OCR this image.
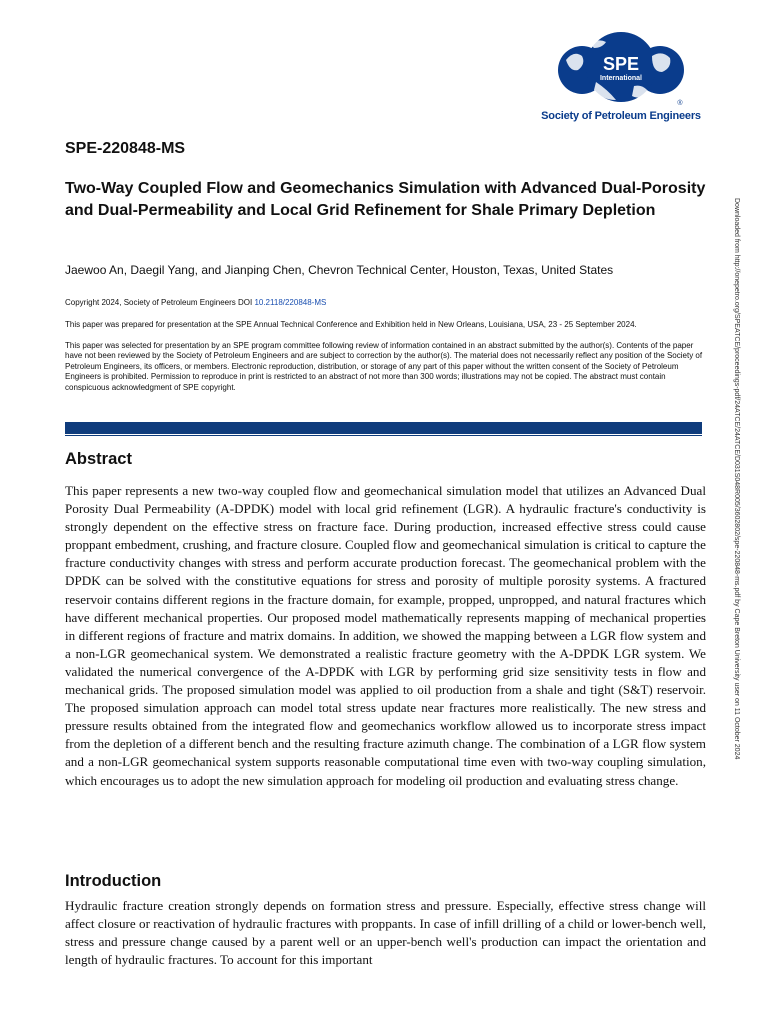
SPE
International
®
Society of Petroleum Engineers
SPE-220848-MS
Two-Way Coupled Flow and Geomechanics Simulation with Advanced Dual-Porosity and Dual-Permeability and Local Grid Refinement for Shale Primary Depletion
Jaewoo An, Daegil Yang, and Jianping Chen, Chevron Technical Center, Houston, Texas, United States
Copyright 2024, Society of Petroleum Engineers DOI 10.2118/220848-MS
This paper was prepared for presentation at the SPE Annual Technical Conference and Exhibition held in New Orleans, Louisiana, USA, 23 - 25 September 2024.
This paper was selected for presentation by an SPE program committee following review of information contained in an abstract submitted by the author(s). Contents of the paper have not been reviewed by the Society of Petroleum Engineers and are subject to correction by the author(s). The material does not necessarily reflect any position of the Society of Petroleum Engineers, its officers, or members. Electronic reproduction, distribution, or storage of any part of this paper without the written consent of the Society of Petroleum Engineers is prohibited. Permission to reproduce in print is restricted to an abstract of not more than 300 words; illustrations may not be copied. The abstract must contain conspicuous acknowledgment of SPE copyright.
Abstract

This paper represents a new two-way coupled flow and geomechanical simulation model that utilizes an Advanced Dual Porosity Dual Permeability (A-DPDK) model with local grid refinement (LGR). A hydraulic fracture's conductivity is strongly dependent on the effective stress on fracture face. During production, increased effective stress could cause proppant embedment, crushing, and fracture closure. Coupled flow and geomechanical simulation is critical to capture the fracture conductivity changes with stress and perform accurate production forecast. The geomechanical problem with the DPDK can be solved with the constitutive equations for stress and porosity of multiple porosity systems. A fractured reservoir contains different regions in the fracture domain, for example, propped, unpropped, and natural fractures which have different mechanical properties. Our proposed model mathematically represents mapping of mechanical properties in different regions of fracture and matrix domains. In addition, we showed the mapping between a LGR flow system and a non-LGR geomechanical system. We demonstrated a realistic fracture geometry with the A-DPDK LGR system. We validated the numerical convergence of the A-DPDK with LGR by performing grid size sensitivity tests in flow and mechanical grids. The proposed simulation model was applied to oil production from a shale and tight (S&T) reservoir. The proposed simulation approach can model total stress update near fractures more realistically. The new stress and pressure results obtained from the integrated flow and geomechanics workflow allowed us to incorporate stress impact from the depletion of a different bench and the resulting fracture azimuth change. The combination of a LGR flow system and a non-LGR geomechanical system supports reasonable computational time even with two-way coupling simulation, which encourages us to adopt the new simulation approach for modeling oil production and evaluating stress change.

Introduction

Hydraulic fracture creation strongly depends on formation stress and pressure. Especially, effective stress change will affect closure or reactivation of hydraulic fractures with proppants. In case of infill drilling of a child or lower-bench well, stress and pressure change caused by a parent well or an upper-bench well's production can impact the orientation and length of hydraulic fractures. To account for this important

Downloaded from http://onepetro.org/SPEATCE/proceedings-pdf/24ATCE/24ATCE/D031S048R005/3602802/spe-220848-ms.pdf by Cape Breton University user on 11 October 2024
